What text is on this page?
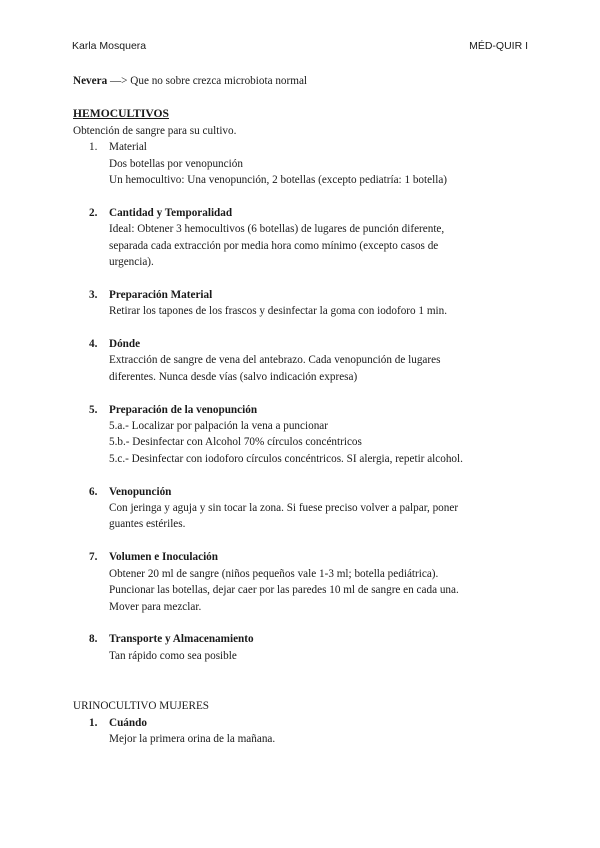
Karla Mosquera	MÉD-QUIR I
Nevera —> Que no sobre crezca microbiota normal
HEMOCULTIVOS
Obtención de sangre para su cultivo.
1. Material
Dos botellas por venopunción
Un hemocultivo: Una venopunción, 2 botellas (excepto pediatría: 1 botella)
2. Cantidad y Temporalidad
Ideal: Obtener 3 hemocultivos (6 botellas) de lugares de punción diferente,
separada cada extracción por media hora como mínimo (excepto casos de
urgencia).
3. Preparación Material
Retirar los tapones de los frascos y desinfectar la goma con iodoforo 1 min.
4. Dónde
Extracción de sangre de vena del antebrazo. Cada venopunción de lugares
diferentes. Nunca desde vías (salvo indicación expresa)
5. Preparación de la venopunción
5.a.- Localizar por palpación la vena a puncionar
5.b.- Desinfectar con Alcohol 70% círculos concéntricos
5.c.- Desinfectar con iodoforo círculos concéntricos. SI alergia, repetir alcohol.
6. Venopunción
Con jeringa y aguja y sin tocar la zona. Si fuese preciso volver a palpar, poner
guantes estériles.
7. Volumen e Inoculación
Obtener 20 ml de sangre (niños pequeños vale 1-3 ml; botella pediátrica).
Puncionar las botellas, dejar caer por las paredes 10 ml de sangre en cada una.
Mover para mezclar.
8. Transporte y Almacenamiento
Tan rápido como sea posible
URINOCULTIVO MUJERES
1. Cuándo
Mejor la primera orina de la mañana.
